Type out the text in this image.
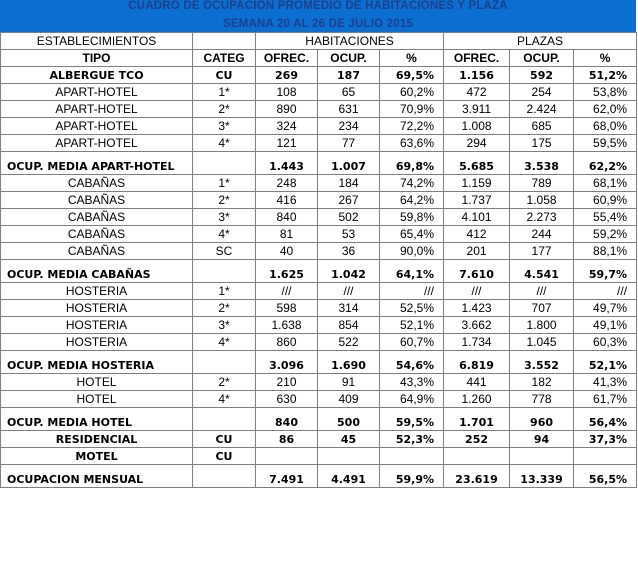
CUADRO DE OCUPACIÓN PROMEDIO DE HABITACIONES Y PLAZA
SEMANA 20 AL 26 DE JULIO 2015
ESTABLECIMIENTOS		HABITACIONES			PLAZAS		
TIPO	CATEG	OFREC.	OCUP.	%	OFREC.	OCUP.	%
ALBERGUE TCO	CU	269	187	69,5%	1.156	592	51,2%
APART-HOTEL	1*	108	65	60,2%	472	254	53,8%
APART-HOTEL	2*	890	631	70,9%	3.911	2.424	62,0%
APART-HOTEL	3*	324	234	72,2%	1.008	685	68,0%
APART-HOTEL	4*	121	77	63,6%	294	175	59,5%
OCUP. MEDIA APART-HOTEL		1.443	1.007	69,8%	5.685	3.538	62,2%
CABAÑAS	1*	248	184	74,2%	1.159	789	68,1%
CABAÑAS	2*	416	267	64,2%	1.737	1.058	60,9%
CABAÑAS	3*	840	502	59,8%	4.101	2.273	55,4%
CABAÑAS	4*	81	53	65,4%	412	244	59,2%
CABAÑAS	SC	40	36	90,0%	201	177	88,1%
OCUP. MEDIA CABAÑAS		1.625	1.042	64,1%	7.610	4.541	59,7%
HOSTERIA	1*	///	///	///	///	///	///
HOSTERIA	2*	598	314	52,5%	1.423	707	49,7%
HOSTERIA	3*	1.638	854	52,1%	3.662	1.800	49,1%
HOSTERIA	4*	860	522	60,7%	1.734	1.045	60,3%
OCUP. MEDIA HOSTERIA		3.096	1.690	54,6%	6.819	3.552	52,1%
HOTEL	2*	210	91	43,3%	441	182	41,3%
HOTEL	4*	630	409	64,9%	1.260	778	61,7%
OCUP. MEDIA HOTEL		840	500	59,5%	1.701	960	56,4%
RESIDENCIAL	CU	86	45	52,3%	252	94	37,3%
MOTEL	CU						
OCUPACION MENSUAL		7.491	4.491	59,9%	23.619	13.339	56,5%
